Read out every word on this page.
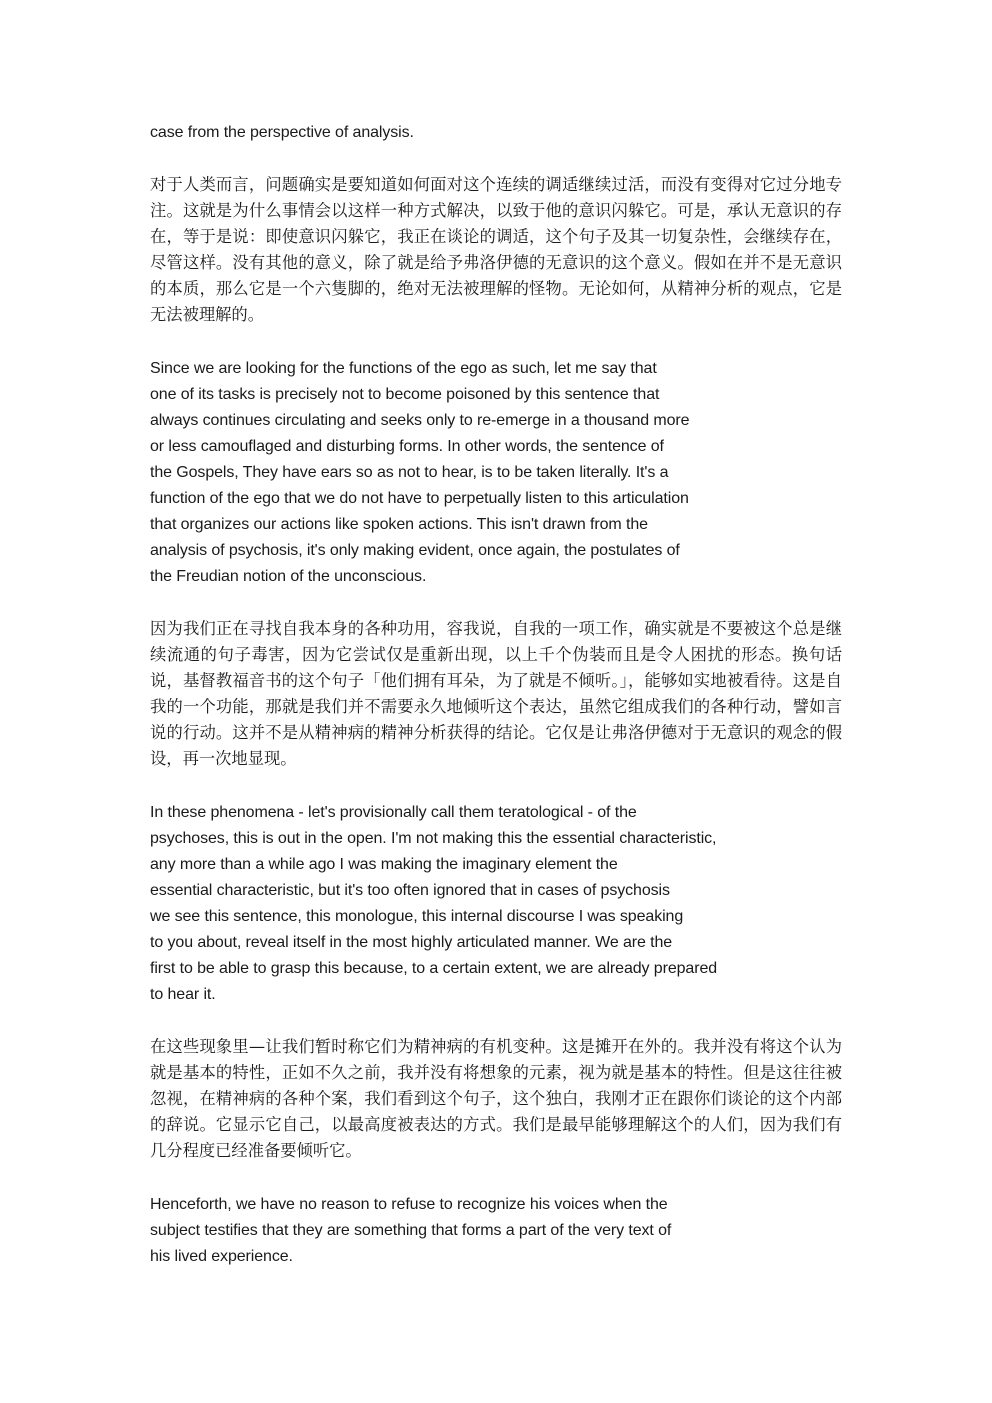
case from the perspective of analysis.

对于人类而言，问题确实是要知道如何面对这个连续的调适继续过活，而没有变得对它过分地专注。这就是为什么事情会以这样一种方式解决，以致于他的意识闪躲它。可是，承认无意识的存在，等于是说：即使意识闪躲它，我正在谈论的调适，这个句子及其一切复杂性，会继续存在，尽管这样。没有其他的意义，除了就是给予弗洛伊德的无意识的这个意义。假如在并不是无意识的本质，那么它是一个六隻脚的，绝对无法被理解的怪物。无论如何，从精神分析的观点，它是无法被理解的。

Since we are looking for the functions of the ego as such, let me say that
one of its tasks is precisely not to become poisoned by this sentence that
always continues circulating and seeks only to re-emerge in a thousand more
or less camouflaged and disturbing forms. In other words, the sentence of
the Gospels, They have ears so as not to hear, is to be taken literally. It's a
function of the ego that we do not have to perpetually listen to this articulation
that organizes our actions like spoken actions. This isn't drawn from the
analysis of psychosis, it's only making evident, once again, the postulates of
the Freudian notion of the unconscious.

因为我们正在寻找自我本身的各种功用，容我说，自我的一项工作，确实就是不要被这个总是继续流通的句子毒害，因为它尝试仅是重新出现，以上千个伪装而且是令人困扰的形态。换句话说，基督教福音书的这个句子「他们拥有耳朵，为了就是不倾听。」，能够如实地被看待。这是自我的一个功能，那就是我们并不需要永久地倾听这个表达，虽然它组成我们的各种行动，譬如言说的行动。这并不是从精神病的精神分析获得的结论。它仅是让弗洛伊德对于无意识的观念的假设，再一次地显现。

In these phenomena - let's provisionally call them teratological - of the
psychoses, this is out in the open. I'm not making this the essential characteristic,
any more than a while ago I was making the imaginary element the
essential characteristic, but it's too often ignored that in cases of psychosis
we see this sentence, this monologue, this internal discourse I was speaking
to you about, reveal itself in the most highly articulated manner. We are the
first to be able to grasp this because, to a certain extent, we are already prepared
to hear it.

在这些现象里—让我们暂时称它们为精神病的有机变种。这是摊开在外的。我并没有将这个认为就是基本的特性，正如不久之前，我并没有将想象的元素，视为就是基本的特性。但是这往往被忽视，在精神病的各种个案，我们看到这个句子，这个独白，我刚才正在跟你们谈论的这个内部的辞说。它显示它自己，以最高度被表达的方式。我们是最早能够理解这个的人们，因为我们有几分程度已经准备要倾听它。

Henceforth, we have no reason to refuse to recognize his voices when the
subject testifies that they are something that forms a part of the very text of
his lived experience.
